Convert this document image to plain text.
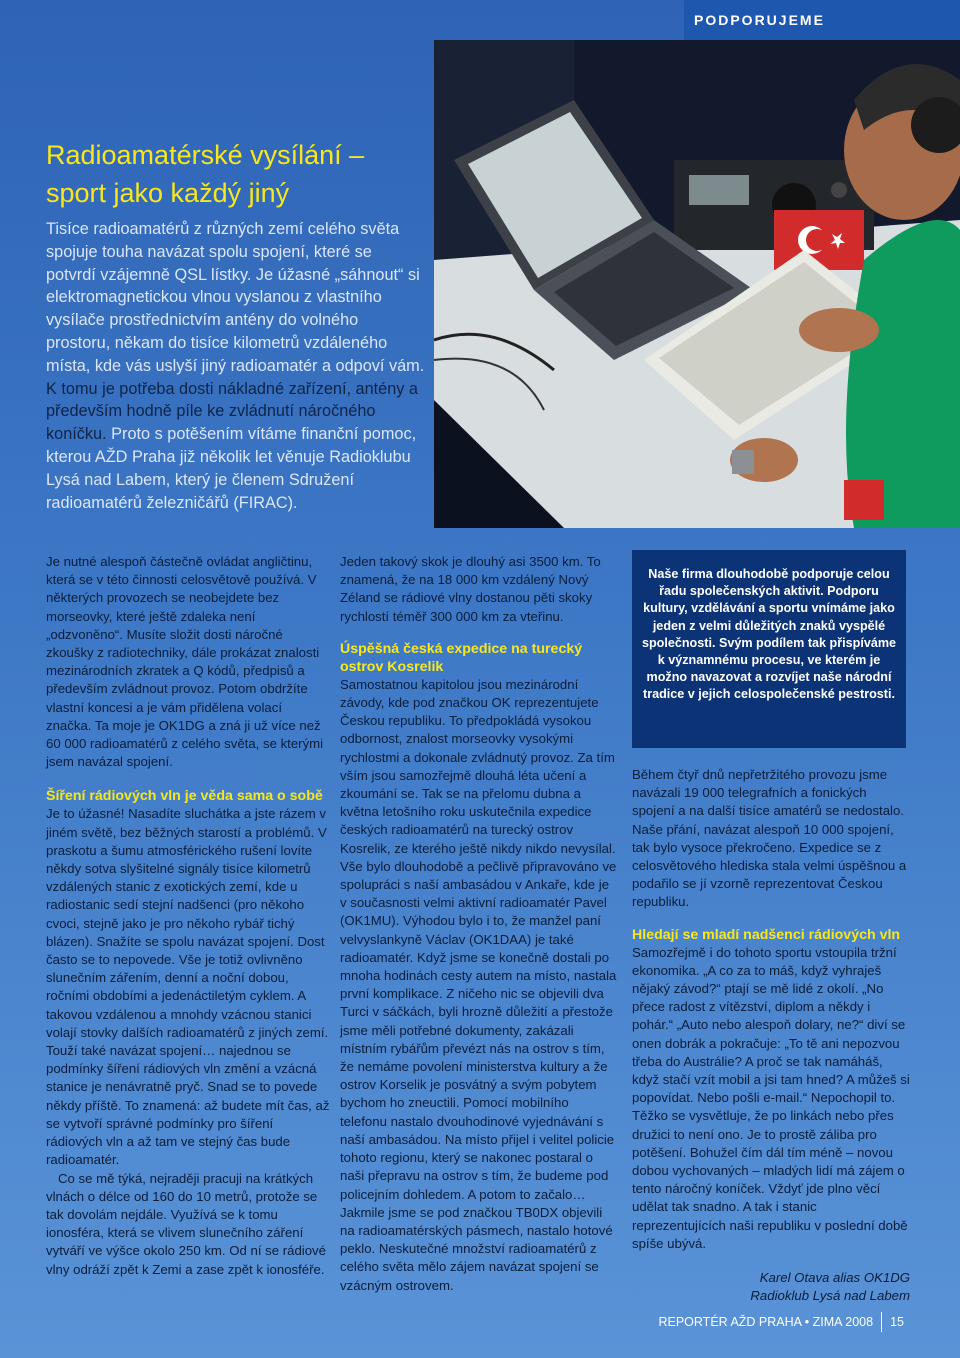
PODPORUJEME
Radioamatérské vysílání – sport jako každý jiný

Tisíce radioamatérů z různých zemí celého světa spojuje touha navázat spolu spojení, které se potvrdí vzájemně QSL lístky. Je úžasné „sáhnout“ si elektromagnetickou vlnou vyslanou z vlastního vysílače prostřednictvím antény do volného prostoru, někam do tisíce kilometrů vzdáleného místa, kde vás uslyší jiný radioamatér a odpoví vám. K tomu je potřeba dosti nákladné zařízení, antény a především hodně píle ke zvládnutí náročného koníčku. Proto s potěšením vítáme finanční pomoc, kterou AŽD Praha již několik let věnuje Radioklubu Lysá nad Labem, který je členem Sdružení radioamatérů železničářů (FIRAC).

Je nutné alespoň částečně ovládat angličtinu, která se v této činnosti celosvětově používá. V některých provozech se neobejdete bez morseovky, které ještě zdaleka není „odzvoněno“. Musíte složit dosti náročné zkoušky z radiotechniky, dále prokázat znalosti mezinárodních zkratek a Q kódů, předpisů a především zvládnout provoz. Potom obdržíte vlastní koncesi a je vám přidělena volací značka. Ta moje je OK1DG a zná ji už více než 60 000 radioamatérů z celého světa, se kterými jsem navázal spojení.

Šíření rádiových vln je věda sama o sobě

Je to úžasné! Nasadíte sluchátka a jste rázem v jiném světě, bez běžných starostí a problémů. V praskotu a šumu atmosférického rušení lovíte někdy sotva slyšitelné signály tisíce kilometrů vzdálených stanic z exotických zemí, kde u radiostanic sedí stejní nadšenci (pro někoho cvoci, stejně jako je pro někoho rybář tichý blázen). Snažíte se spolu navázat spojení. Dost často se to nepovede. Vše je totiž ovlivněno slunečním zářením, denní a noční dobou, ročními obdobími a jedenáctiletým cyklem. A takovou vzdálenou a mnohdy vzácnou stanici volají stovky dalších radioamatérů z jiných zemí. Touží také navázat spojení… najednou se podmínky šíření rádiových vln změní a vzácná stanice je nenávratně pryč. Snad se to povede někdy příště. To znamená: až budete mít čas, až se vytvoří správné podmínky pro šíření rádiových vln a až tam ve stejný čas bude radioamatér.

Co se mě týká, nejraději pracuji na krátkých vlnách o délce od 160 do 10 metrů, protože se tak dovolám nejdále. Využívá se k tomu ionosféra, která se vlivem slunečního záření vytváří ve výšce okolo 250 km. Od ní se rádiové vlny odráží zpět k Zemi a zase zpět k ionosféře.

Jeden takový skok je dlouhý asi 3500 km. To znamená, že na 18 000 km vzdálený Nový Zéland se rádiové vlny dostanou pěti skoky rychlostí téměř 300 000 km za vteřinu.

Úspěšná česká expedice na turecký ostrov Kosrelik

Samostatnou kapitolou jsou mezinárodní závody, kde pod značkou OK reprezentujete Českou republiku. To předpokládá vysokou odbornost, znalost morseovky vysokými rychlostmi a dokonale zvládnutý provoz. Za tím vším jsou samozřejmě dlouhá léta učení a zkoumání se. Tak se na přelomu dubna a května letošního roku uskutečnila expedice českých radioamatérů na turecký ostrov Kosrelik, ze kterého ještě nikdy nikdo nevysílal. Vše bylo dlouhodobě a pečlivě připravováno ve spolupráci s naší ambasádou v Ankaře, kde je v současnosti velmi aktivní radioamatér Pavel (OK1MU). Výhodou bylo i to, že manžel paní velvyslankyně Václav (OK1DAA) je také radioamatér. Když jsme se konečně dostali po mnoha hodinách cesty autem na místo, nastala první komplikace. Z ničeho nic se objevili dva Turci v sáčkách, byli hrozně důležití a přestože jsme měli potřebné dokumenty, zakázali místním rybářům převézt nás na ostrov s tím, že nemáme povolení ministerstva kultury a že ostrov Korselik je posvátný a svým pobytem bychom ho zneuctili. Pomocí mobilního telefonu nastalo dvouhodinové vyjednávání s naší ambasádou. Na místo přijel i velitel policie tohoto regionu, který se nakonec postaral o naši přepravu na ostrov s tím, že budeme pod policejním dohledem. A potom to začalo… Jakmile jsme se pod značkou TB0DX objevili na radioamatérských pásmech, nastalo hotové peklo. Neskutečné množství radioamatérů z celého světa mělo zájem navázat spojení se vzácným ostrovem.

Naše firma dlouhodobě podporuje celou řadu společenských aktivit. Podporu kultury, vzdělávání a sportu vnímáme jako jeden z velmi důležitých znaků vyspělé společnosti. Svým podílem tak přispíváme k významnému procesu, ve kterém je možno navazovat a rozvíjet naše národní tradice v jejich celospolečenské pestrosti.

Během čtyř dnů nepřetržitého provozu jsme navázali 19 000 telegrafních a fonických spojení a na další tisíce amatérů se nedostalo. Naše přání, navázat alespoň 10 000 spojení, tak bylo vysoce překročeno. Expedice se z celosvětového hlediska stala velmi úspěšnou a podařilo se jí vzorně reprezentovat Českou republiku.

Hledají se mladí nadšenci rádiových vln

Samozřejmě i do tohoto sportu vstoupila tržní ekonomika. „A co za to máš, když vyhraješ nějaký závod?“ ptají se mě lidé z okolí. „No přece radost z vítězství, diplom a někdy i pohár.“ „Auto nebo alespoň dolary, ne?“ diví se onen dobrák a pokračuje: „To tě ani nepozvou třeba do Austrálie? A proč se tak namáháš, když stačí vzít mobil a jsi tam hned? A můžeš si popovídat. Nebo pošli e-mail.“ Nepochopil to. Těžko se vysvětluje, že po linkách nebo přes družici to není ono. Je to prostě záliba pro potěšení. Bohužel čím dál tím méně – novou dobou vychovaných – mladých lidí má zájem o tento náročný koníček. Vždyť jde plno věcí udělat tak snadno. A tak i stanic reprezentujících naši republiku v poslední době spíše ubývá.

Karel Otava alias OK1DG
Radioklub Lysá nad Labem
REPORTÉR AŽD PRAHA • ZIMA 2008 15
